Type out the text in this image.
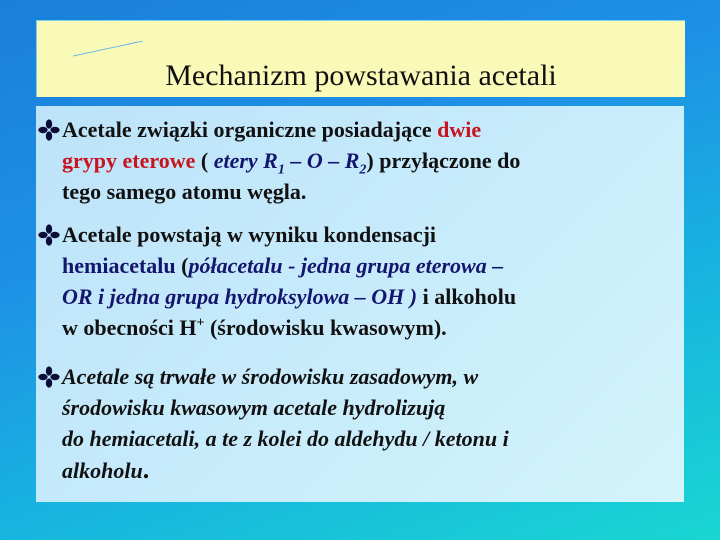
Mechanizm powstawania acetali
Acetale związki organiczne posiadające dwie
grypy eterowe ( etery $R_1$ – O – $R_2$) przyłączone do
tego samego atomu węgla.
Acetale powstają w wyniku kondensacji
hemiacetalu (półacetalu - jedna grupa eterowa –
OR i jedna grupa hydroksylowa – OH ) i alkoholu
w obecności H+ (środowisku kwasowym).
Acetale są trwałe w środowisku zasadowym, w
środowisku kwasowym acetale hydrolizują
do hemiacetali, a te z kolei do aldehydu / ketonu i
alkoholu.
